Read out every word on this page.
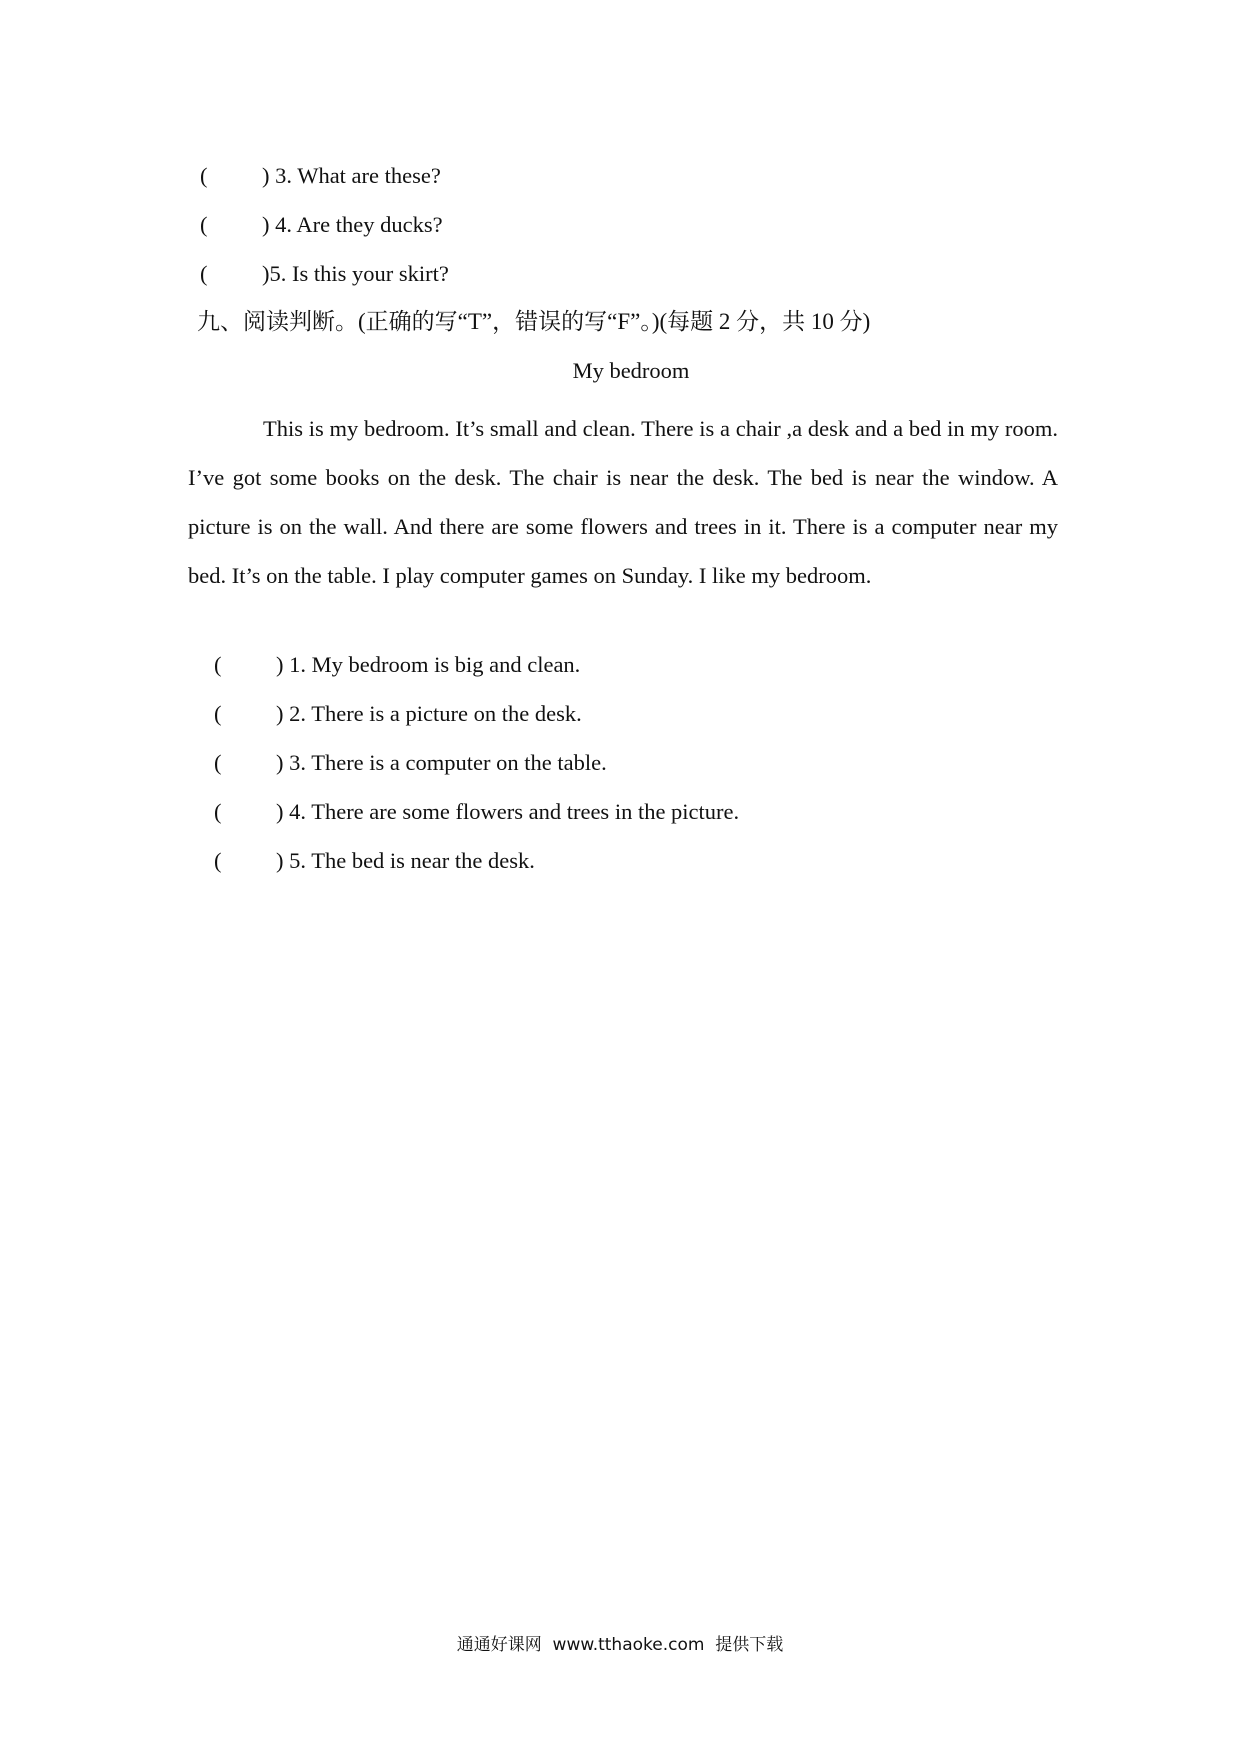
( ) 3. What are these?
( ) 4. Are they ducks?
( )5. Is this your skirt?
九、阅读判断。(正确的写“T”，错误的写“F”。)(每题 2 分，共 10 分)
My bedroom

This is my bedroom. It’s small and clean. There is a chair ,a desk and a bed in my room. I’ve got some books on the desk. The chair is near the desk. The bed is near the window. A picture is on the wall. And there are some flowers and trees in it. There is a computer near my bed. It’s on the table. I play computer games on Sunday. I like my bedroom.

( ) 1. My bedroom is big and clean.
( ) 2. There is a picture on the desk.
( ) 3. There is a computer on the table.
( ) 4. There are some flowers and trees in the picture.
( ) 5. The bed is near the desk.
通通好课网  www.tthaoke.com  提供下载
